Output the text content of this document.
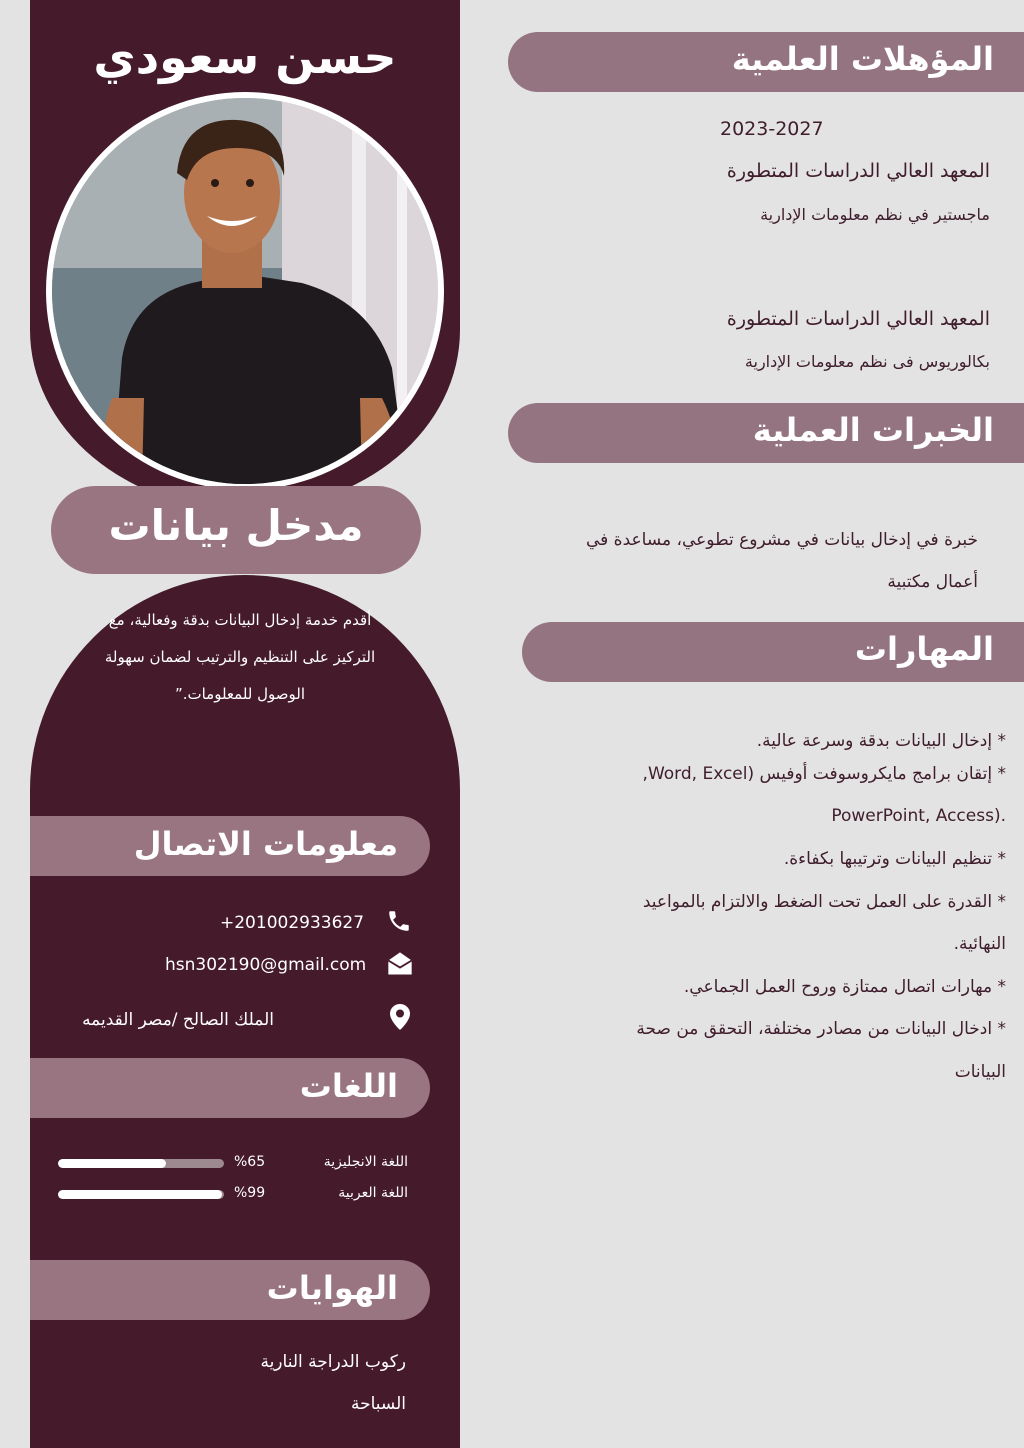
حسن سعودي
مدخل بيانات
أقدم خدمة إدخال البيانات بدقة وفعالية، مع
التركيز على التنظيم والترتيب لضمان سهولة
الوصول للمعلومات.”
معلومات الاتصال
+201002933627
hsn302190@gmail.com
الملك الصالح /مصر القديمه
اللغات
اللغة الانجليزية
%65
اللغة العربية
%99
الهوايات
ركوب الدراجة النارية
السباحة
المؤهلات العلمية
2023-2027
المعهد العالي الدراسات المتطورة
ماجستير في نظم معلومات الإدارية
المعهد العالي الدراسات المتطورة
بكالوريوس فى نظم معلومات الإدارية
الخبرات العملية
خبرة في إدخال بيانات في مشروع تطوعي، مساعدة في
أعمال مكتبية
المهارات
* إدخال البيانات بدقة وسرعة عالية.
* إتقان برامج مايكروسوفت أوفيس (Word, Excel,
PowerPoint, Access).
* تنظيم البيانات وترتيبها بكفاءة.
* القدرة على العمل تحت الضغط والالتزام بالمواعيد
النهائية.
* مهارات اتصال ممتازة وروح العمل الجماعي.
* ادخال البيانات من مصادر مختلفة، التحقق من صحة
البيانات
